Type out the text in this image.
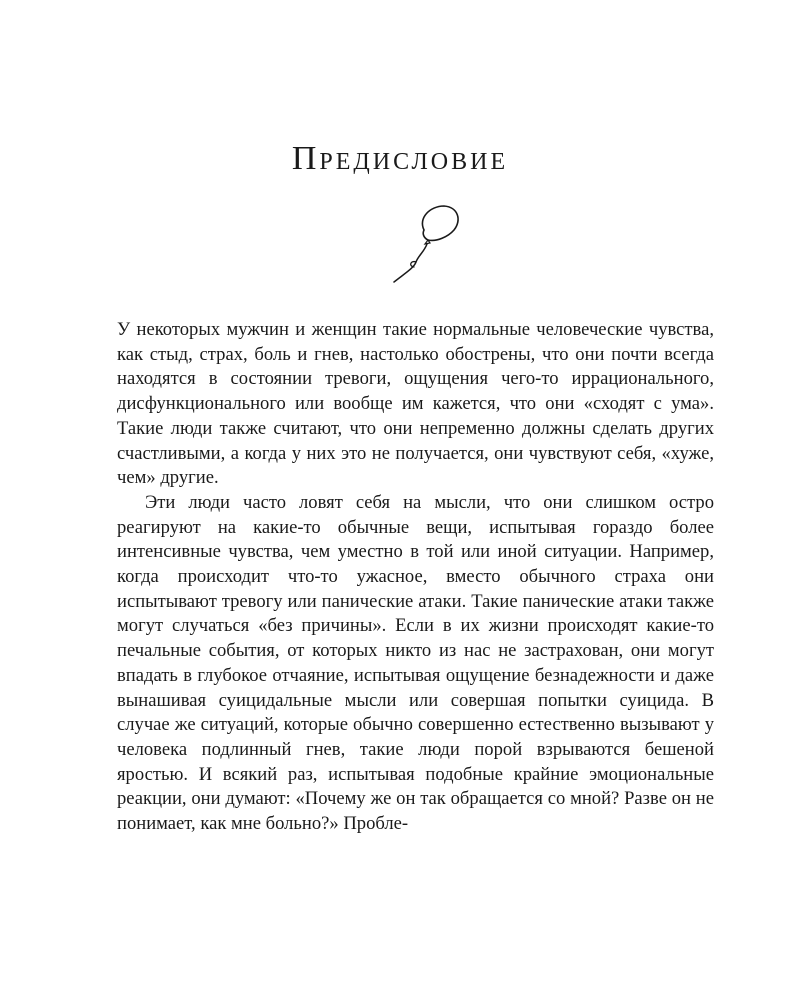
Предисловие

У некоторых мужчин и женщин такие нормальные человеческие чувства, как стыд, страх, боль и гнев, настолько обострены, что они почти всегда находятся в состоянии тревоги, ощущения чего-то иррационального, дисфункционального или вообще им кажется, что они «сходят с ума». Такие люди также считают, что они непременно должны сделать других счастливыми, а когда у них это не получается, они чувствуют себя, «хуже, чем» другие.

Эти люди часто ловят себя на мысли, что они слишком остро реагируют на какие-то обычные вещи, испытывая гораздо более интенсивные чувства, чем уместно в той или иной ситуации. Например, когда происходит что-то ужасное, вместо обычного страха они испытывают тревогу или панические атаки. Такие панические атаки также могут случаться «без причины». Если в их жизни происходят какие-то печальные события, от которых никто из нас не застрахован, они могут впадать в глубокое отчаяние, испытывая ощущение безнадежности и даже вынашивая суицидальные мысли или совершая попытки суицида. В случае же ситуаций, которые обычно совершенно естественно вызывают у человека подлинный гнев, такие люди порой взрываются бешеной яростью. И всякий раз, испытывая подобные крайние эмоциональные реакции, они думают: «Почему же он так обращается со мной? Разве он не понимает, как мне больно?» Пробле-
